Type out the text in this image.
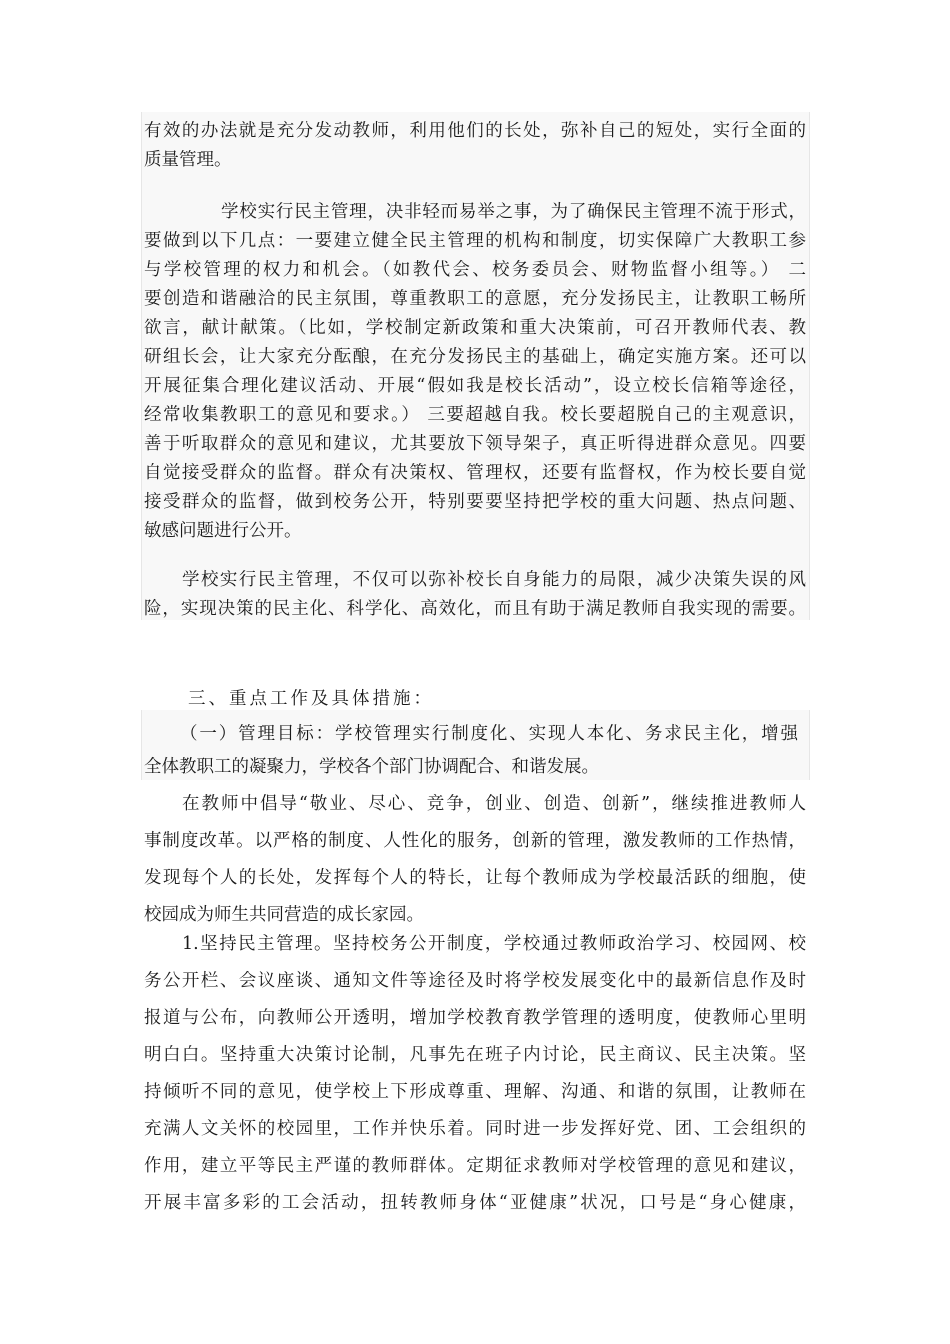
有效的办法就是充分发动教师，利用他们的长处，弥补自己的短处，实行全面的
质量管理。
学校实行民主管理，决非轻而易举之事，为了确保民主管理不流于形式，
要做到以下几点：一要建立健全民主管理的机构和制度，切实保障广大教职工参
与学校管理的权力和机会。（如教代会、校务委员会、财物监督小组等。） 二
要创造和谐融洽的民主氛围，尊重教职工的意愿，充分发扬民主，让教职工畅所
欲言，献计献策。（比如，学校制定新政策和重大决策前，可召开教师代表、教
研组长会，让大家充分酝酿，在充分发扬民主的基础上，确定实施方案。还可以
开展征集合理化建议活动、开展“假如我是校长活动”，设立校长信箱等途径，
经常收集教职工的意见和要求。） 三要超越自我。校长要超脱自己的主观意识，
善于听取群众的意见和建议，尤其要放下领导架子，真正听得进群众意见。四要
自觉接受群众的监督。群众有决策权、管理权，还要有监督权，作为校长要自觉
接受群众的监督，做到校务公开，特别要要坚持把学校的重大问题、热点问题、
敏感问题进行公开。
学校实行民主管理，不仅可以弥补校长自身能力的局限，减少决策失误的风
险，实现决策的民主化、科学化、高效化，而且有助于满足教师自我实现的需要。
三、重点工作及具体措施：
（一）管理目标：学校管理实行制度化、实现人本化、务求民主化，增强
全体教职工的凝聚力，学校各个部门协调配合、和谐发展。
在教师中倡导“敬业、尽心、竞争，创业、创造、创新”，继续推进教师人
事制度改革。以严格的制度、人性化的服务，创新的管理，激发教师的工作热情，
发现每个人的长处，发挥每个人的特长，让每个教师成为学校最活跃的细胞，使
校园成为师生共同营造的成长家园。
1.坚持民主管理。坚持校务公开制度，学校通过教师政治学习、校园网、校
务公开栏、会议座谈、通知文件等途径及时将学校发展变化中的最新信息作及时
报道与公布，向教师公开透明，增加学校教育教学管理的透明度，使教师心里明
明白白。坚持重大决策讨论制，凡事先在班子内讨论，民主商议、民主决策。坚
持倾听不同的意见，使学校上下形成尊重、理解、沟通、和谐的氛围，让教师在
充满人文关怀的校园里，工作并快乐着。同时进一步发挥好党、团、工会组织的
作用，建立平等民主严谨的教师群体。定期征求教师对学校管理的意见和建议，
开展丰富多彩的工会活动，扭转教师身体“亚健康”状况，口号是“身心健康，
